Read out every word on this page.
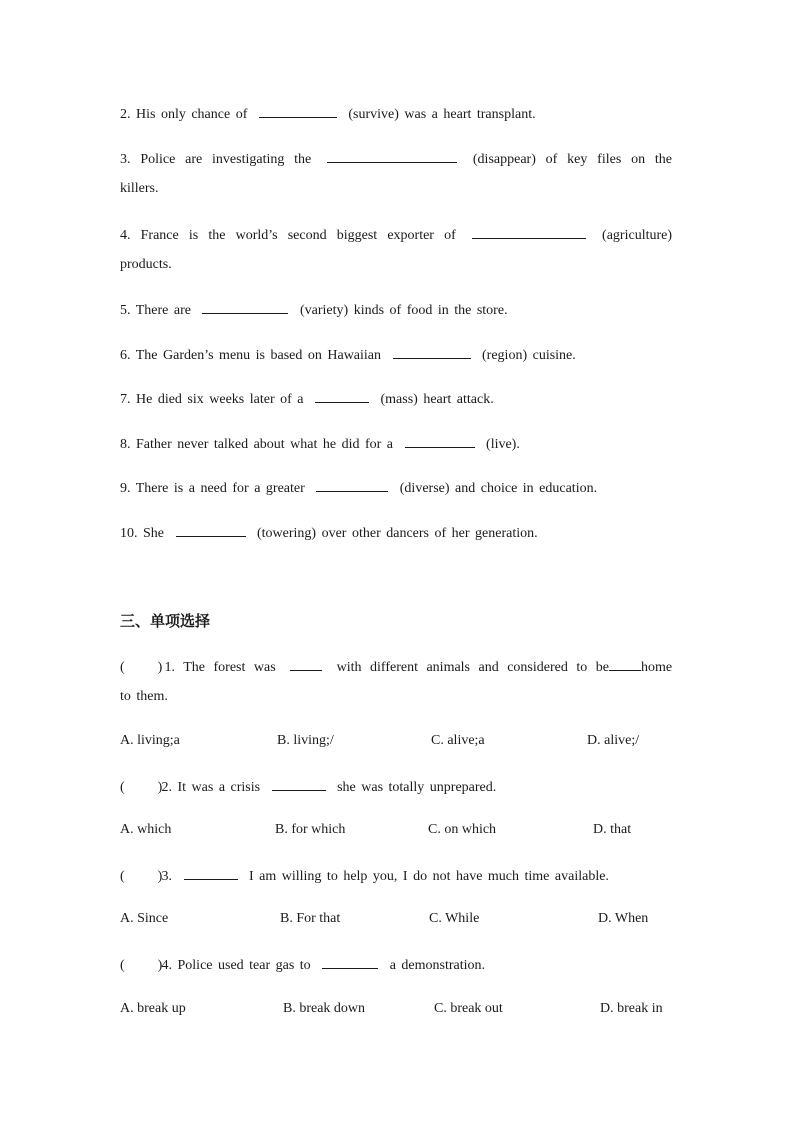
2. His only chance of	(survive) was a heart transplant.
3. Police are investigating the	(disappear) of key files on the
killers.
4. France is the world’s second biggest exporter of	(agriculture)
products.
5. There are	(variety) kinds of food in the store.
6. The Garden’s menu is based on Hawaiian	(region) cuisine.
7. He died six weeks later of a	(mass) heart attack.
8. Father never talked about what he did for a	(live).
9. There is a need for a greater	(diverse) and choice in education.
10. She	(towering) over other dancers of her generation.
三、单项选择
(      ) 1. The forest was	with different animals and considered to be home
to them.
A. living;a	B. living;/	C. alive;a	D. alive;/
(      ) 2. It was a crisis	she was totally unprepared.
A. which	B. for which	C. on which	D. that
(      ) 3.	I am willing to help you, I do not have much time available.
A. Since	B. For that	C. While	D. When
(      ) 4. Police used tear gas to	a demonstration.
A. break up	B. break down	C. break out	D. break in
